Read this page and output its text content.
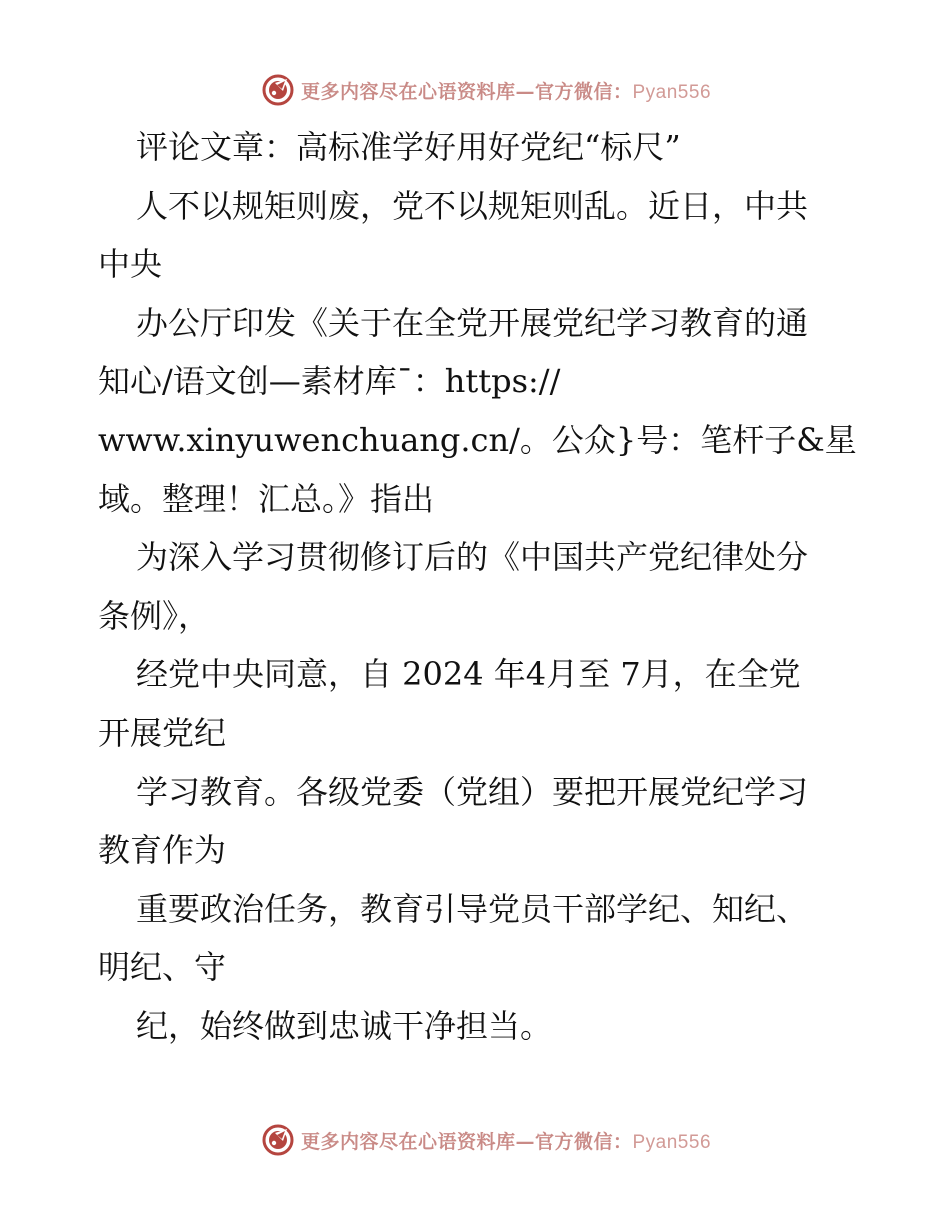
更多内容尽在心语资料库—官方微信：Pyan556
评论文章：高标准学好用好党纪“标尺”
人不以规矩则废，党不以规矩则乱。近日，中共
中央
办公厅印发《关于在全党开展党纪学习教育的通
知心/语文创—素材库¯：https://
www.xinyuwenchuang.cn/。公众}号：笔杆子&星
域。整理！汇总。》指出
为深入学习贯彻修订后的《中国共产党纪律处分
条例》，
经党中央同意，自 2024 年4月至 7月，在全党
开展党纪
学习教育。各级党委（党组）要把开展党纪学习
教育作为
重要政治任务，教育引导党员干部学纪、知纪、
明纪、守
纪，始终做到忠诚干净担当。
更多内容尽在心语资料库—官方微信：Pyan556
